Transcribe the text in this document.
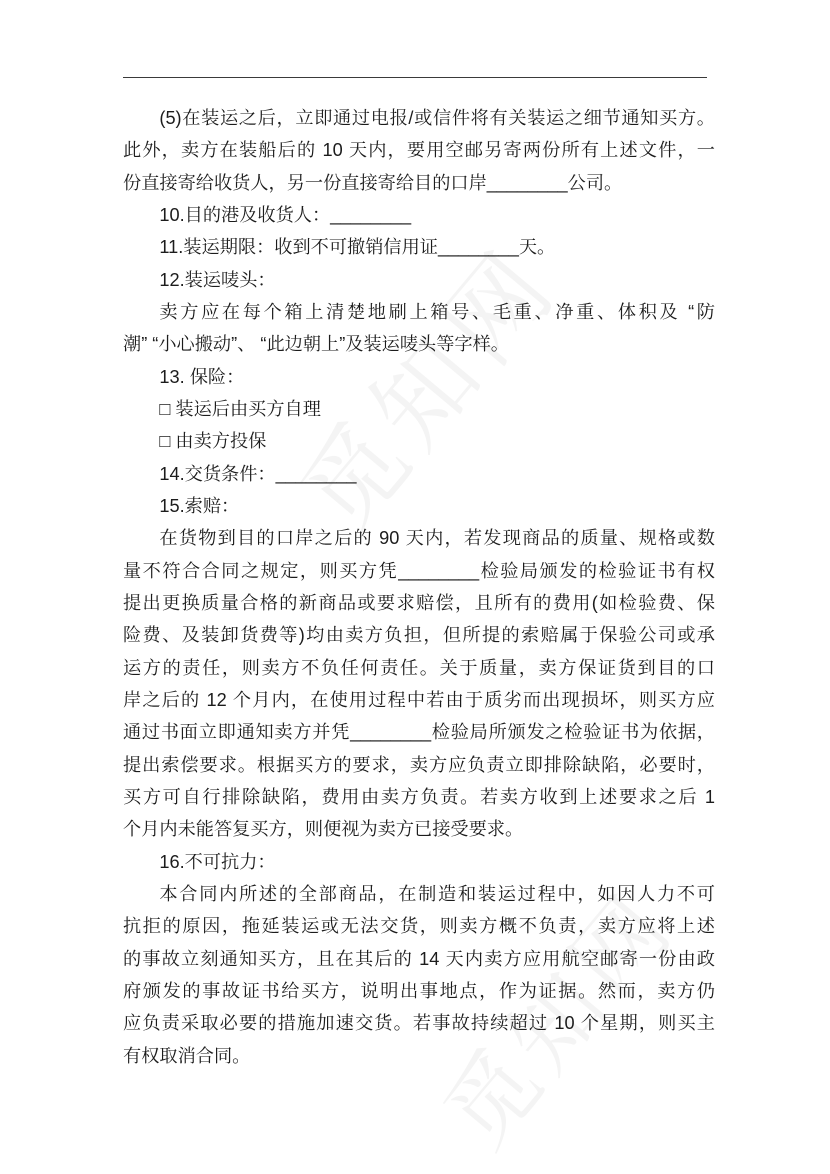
(5)在装运之后，立即通过电报/或信件将有关装运之细节通知买方。
此外，卖方在装船后的 10 天内，要用空邮另寄两份所有上述文件，一
份直接寄给收货人，另一份直接寄给目的口岸________公司。
10.目的港及收货人：________
11.装运期限：收到不可撤销信用证________天。
12.装运唛头：
卖方应在每个箱上清楚地刷上箱号、毛重、净重、体积及 “防
潮” “小心搬动”、 “此边朝上”及装运唛头等字样。
13. 保险：
□ 装运后由买方自理
□ 由卖方投保
14.交货条件：________
15.索赔：
在货物到目的口岸之后的 90 天内，若发现商品的质量、规格或数
量不符合合同之规定，则买方凭________检验局颁发的检验证书有权
提出更换质量合格的新商品或要求赔偿，且所有的费用(如检验费、保
险费、及装卸货费等)均由卖方负担，但所提的索赔属于保验公司或承
运方的责任，则卖方不负任何责任。关于质量，卖方保证货到目的口
岸之后的 12 个月内，在使用过程中若由于质劣而出现损坏，则买方应
通过书面立即通知卖方并凭________检验局所颁发之检验证书为依据，
提出索偿要求。根据买方的要求，卖方应负责立即排除缺陷，必要时，
买方可自行排除缺陷，费用由卖方负责。若卖方收到上述要求之后 1
个月内未能答复买方，则便视为卖方已接受要求。
16.不可抗力：
本合同内所述的全部商品，在制造和装运过程中，如因人力不可
抗拒的原因，拖延装运或无法交货，则卖方概不负责，卖方应将上述
的事故立刻通知买方，且在其后的 14 天内卖方应用航空邮寄一份由政
府颁发的事故证书给买方，说明出事地点，作为证据。然而，卖方仍
应负责采取必要的措施加速交货。若事故持续超过 10 个星期，则买主
有权取消合同。
